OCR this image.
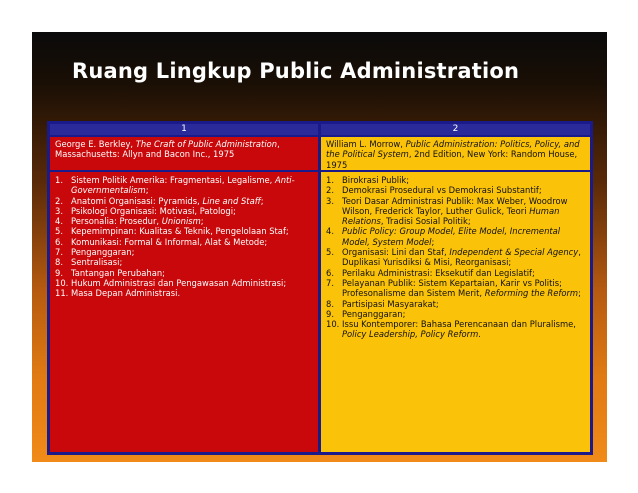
Ruang Lingkup Public Administration
1	2
George E. Berkley, The Craft of Public Administration, Massachusetts: Allyn and Bacon Inc., 1975
1. Sistem Politik Amerika: Fragmentasi, Legalisme, Anti-Governmentalism;
2. Anatomi Organisasi: Pyramids, Line and Staff;
3. Psikologi Organisasi: Motivasi, Patologi;
4. Personalia: Prosedur, Unionism;
5. Kepemimpinan: Kualitas & Teknik, Pengelolaan Staf;
6. Komunikasi: Formal & Informal, Alat & Metode;
7. Penganggaran;
8. Sentralisasi;
9. Tantangan Perubahan;
10. Hukum Administrasi dan Pengawasan Administrasi;
11. Masa Depan Administrasi.
William L. Morrow, Public Administration: Politics, Policy, and the Political System, 2nd Edition, New York: Random House, 1975
1. Birokrasi Publik;
2. Demokrasi Prosedural vs Demokrasi Substantif;
3. Teori Dasar Administrasi Publik: Max Weber, Woodrow Wilson, Frederick Taylor, Luther Gulick, Teori Human Relations, Tradisi Sosial Politik;
4. Public Policy: Group Model, Elite Model, Incremental Model, System Model;
5. Organisasi: Lini dan Staf, Independent & Special Agency, Duplikasi Yurisdiksi & Misi, Reorganisasi;
6. Perilaku Administrasi: Eksekutif dan Legislatif;
7. Pelayanan Publik: Sistem Kepartaian, Karir vs Politis; Profesonalisme dan Sistem Merit, Reforming the Reform;
8. Partisipasi Masyarakat;
9. Penganggaran;
10. Issu Kontemporer: Bahasa Perencanaan dan Pluralisme, Policy Leadership, Policy Reform.
